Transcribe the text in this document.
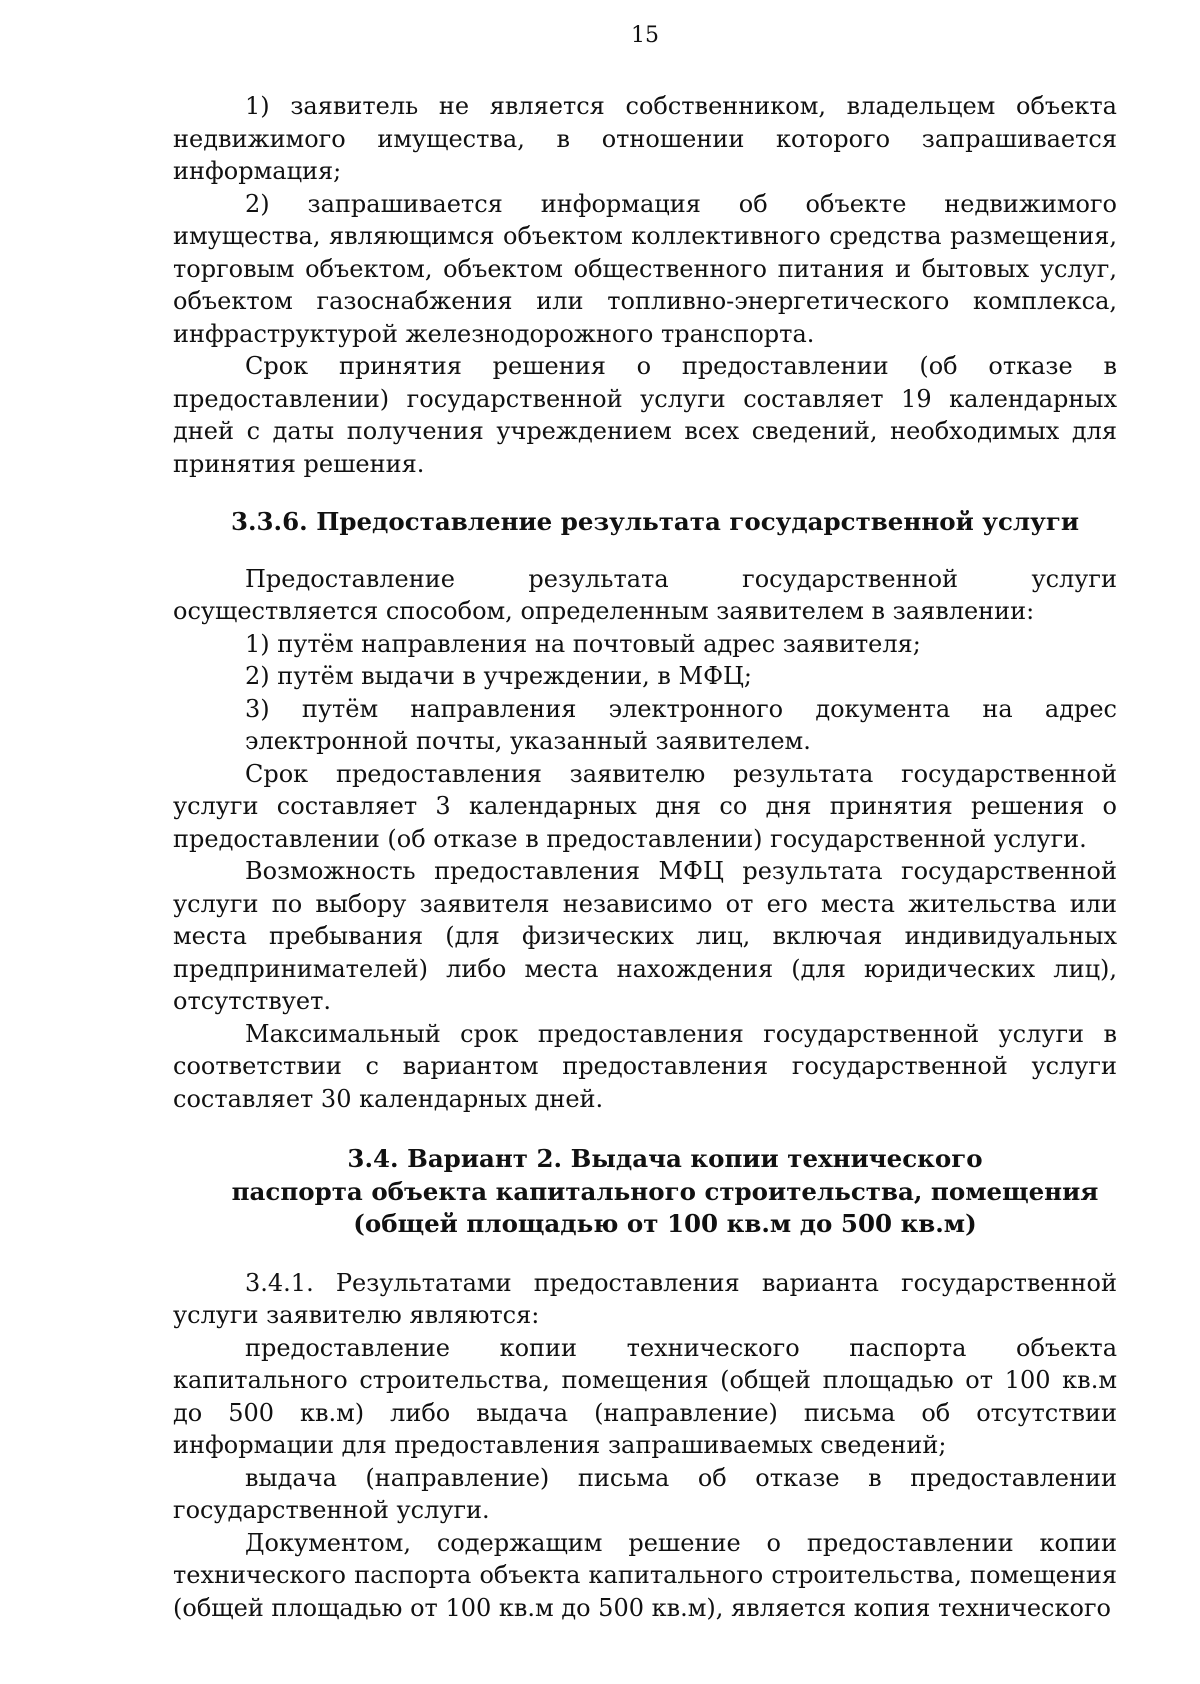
15

1) заявитель не является собственником, владельцем объекта недвижимого имущества, в отношении которого запрашивается информация;

2) запрашивается информация об объекте недвижимого имущества, являющимся объектом коллективного средства размещения, торговым объектом, объектом общественного питания и бытовых услуг, объектом газоснабжения или топливно-энергетического комплекса, инфраструктурой железнодорожного транспорта.

Срок принятия решения о предоставлении (об отказе в предоставлении) государственной услуги составляет 19 календарных дней с даты получения учреждением всех сведений, необходимых для принятия решения.

3.3.6. Предоставление результата государственной услуги

Предоставление результата государственной услуги осуществляется способом, определенным заявителем в заявлении:

1) путём направления на почтовый адрес заявителя;

2) путём выдачи в учреждении, в МФЦ;

3) путём направления электронного документа на адрес электронной почты, указанный заявителем.

Срок предоставления заявителю результата государственной услуги составляет 3 календарных дня со дня принятия решения о предоставлении (об отказе в предоставлении) государственной услуги.

Возможность предоставления МФЦ результата государственной услуги по выбору заявителя независимо от его места жительства или места пребывания (для физических лиц, включая индивидуальных предпринимателей) либо места нахождения (для юридических лиц), отсутствует.

Максимальный срок предоставления государственной услуги в соответствии с вариантом предоставления государственной услуги составляет 30 календарных дней.

3.4. Вариант 2. Выдача копии технического
паспорта объекта капитального строительства, помещения
(общей площадью от 100 кв.м до 500 кв.м)

3.4.1. Результатами предоставления варианта государственной услуги заявителю являются:

предоставление копии технического паспорта объекта капитального строительства, помещения (общей площадью от 100 кв.м до 500 кв.м) либо выдача (направление) письма об отсутствии информации для предоставления запрашиваемых сведений;

выдача (направление) письма об отказе в предоставлении государственной услуги.

Документом, содержащим решение о предоставлении копии технического паспорта объекта капитального строительства, помещения (общей площадью от 100 кв.м до 500 кв.м), является копия технического
